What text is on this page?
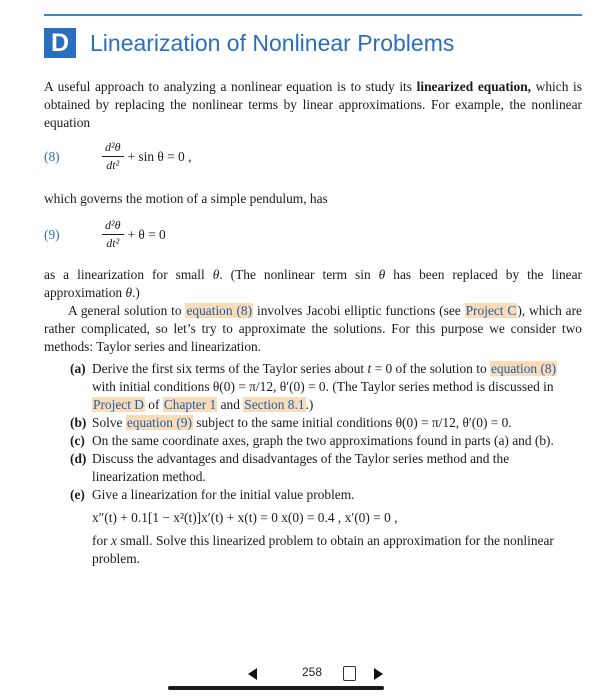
D Linearization of Nonlinear Problems
A useful approach to analyzing a nonlinear equation is to study its linearized equation, which is obtained by replacing the nonlinear terms by linear approximations. For example, the nonlinear equation
(8)	$\frac{\text{d²θ}}{\text{dt²}} + \sin \theta = 0$ ,
which governs the motion of a simple pendulum, has
(9)	$\frac{\text{d²θ}}{\text{dt²}} + \theta = 0$
as a linearization for small θ. (The nonlinear term sin θ has been replaced by the linear approximation θ.)
A general solution to equation (8) involves Jacobi elliptic functions (see Project C), which are rather complicated, so let’s try to approximate the solutions. For this purpose we consider two methods: Taylor series and linearization.
(a) Derive the first six terms of the Taylor series about t = 0 of the solution to equation (8) with initial conditions θ(0) = π/12, θ′(0) = 0. (The Taylor series method is discussed in Project D of Chapter 1 and Section 8.1.)
(b) Solve equation (9) subject to the same initial conditions θ(0) = π/12, θ′(0) = 0.
(c) On the same coordinate axes, graph the two approximations found in parts (a) and (b).
(d) Discuss the advantages and disadvantages of the Taylor series method and the linearization method.
(e) Give a linearization for the initial value problem.
x″(t) + 0.1[1 − x²(t)]x′(t) + x(t) = 0 x(0) = 0.4 , x′(0) = 0 ,
for x small. Solve this linearized problem to obtain an approximation for the nonlinear problem.
258
